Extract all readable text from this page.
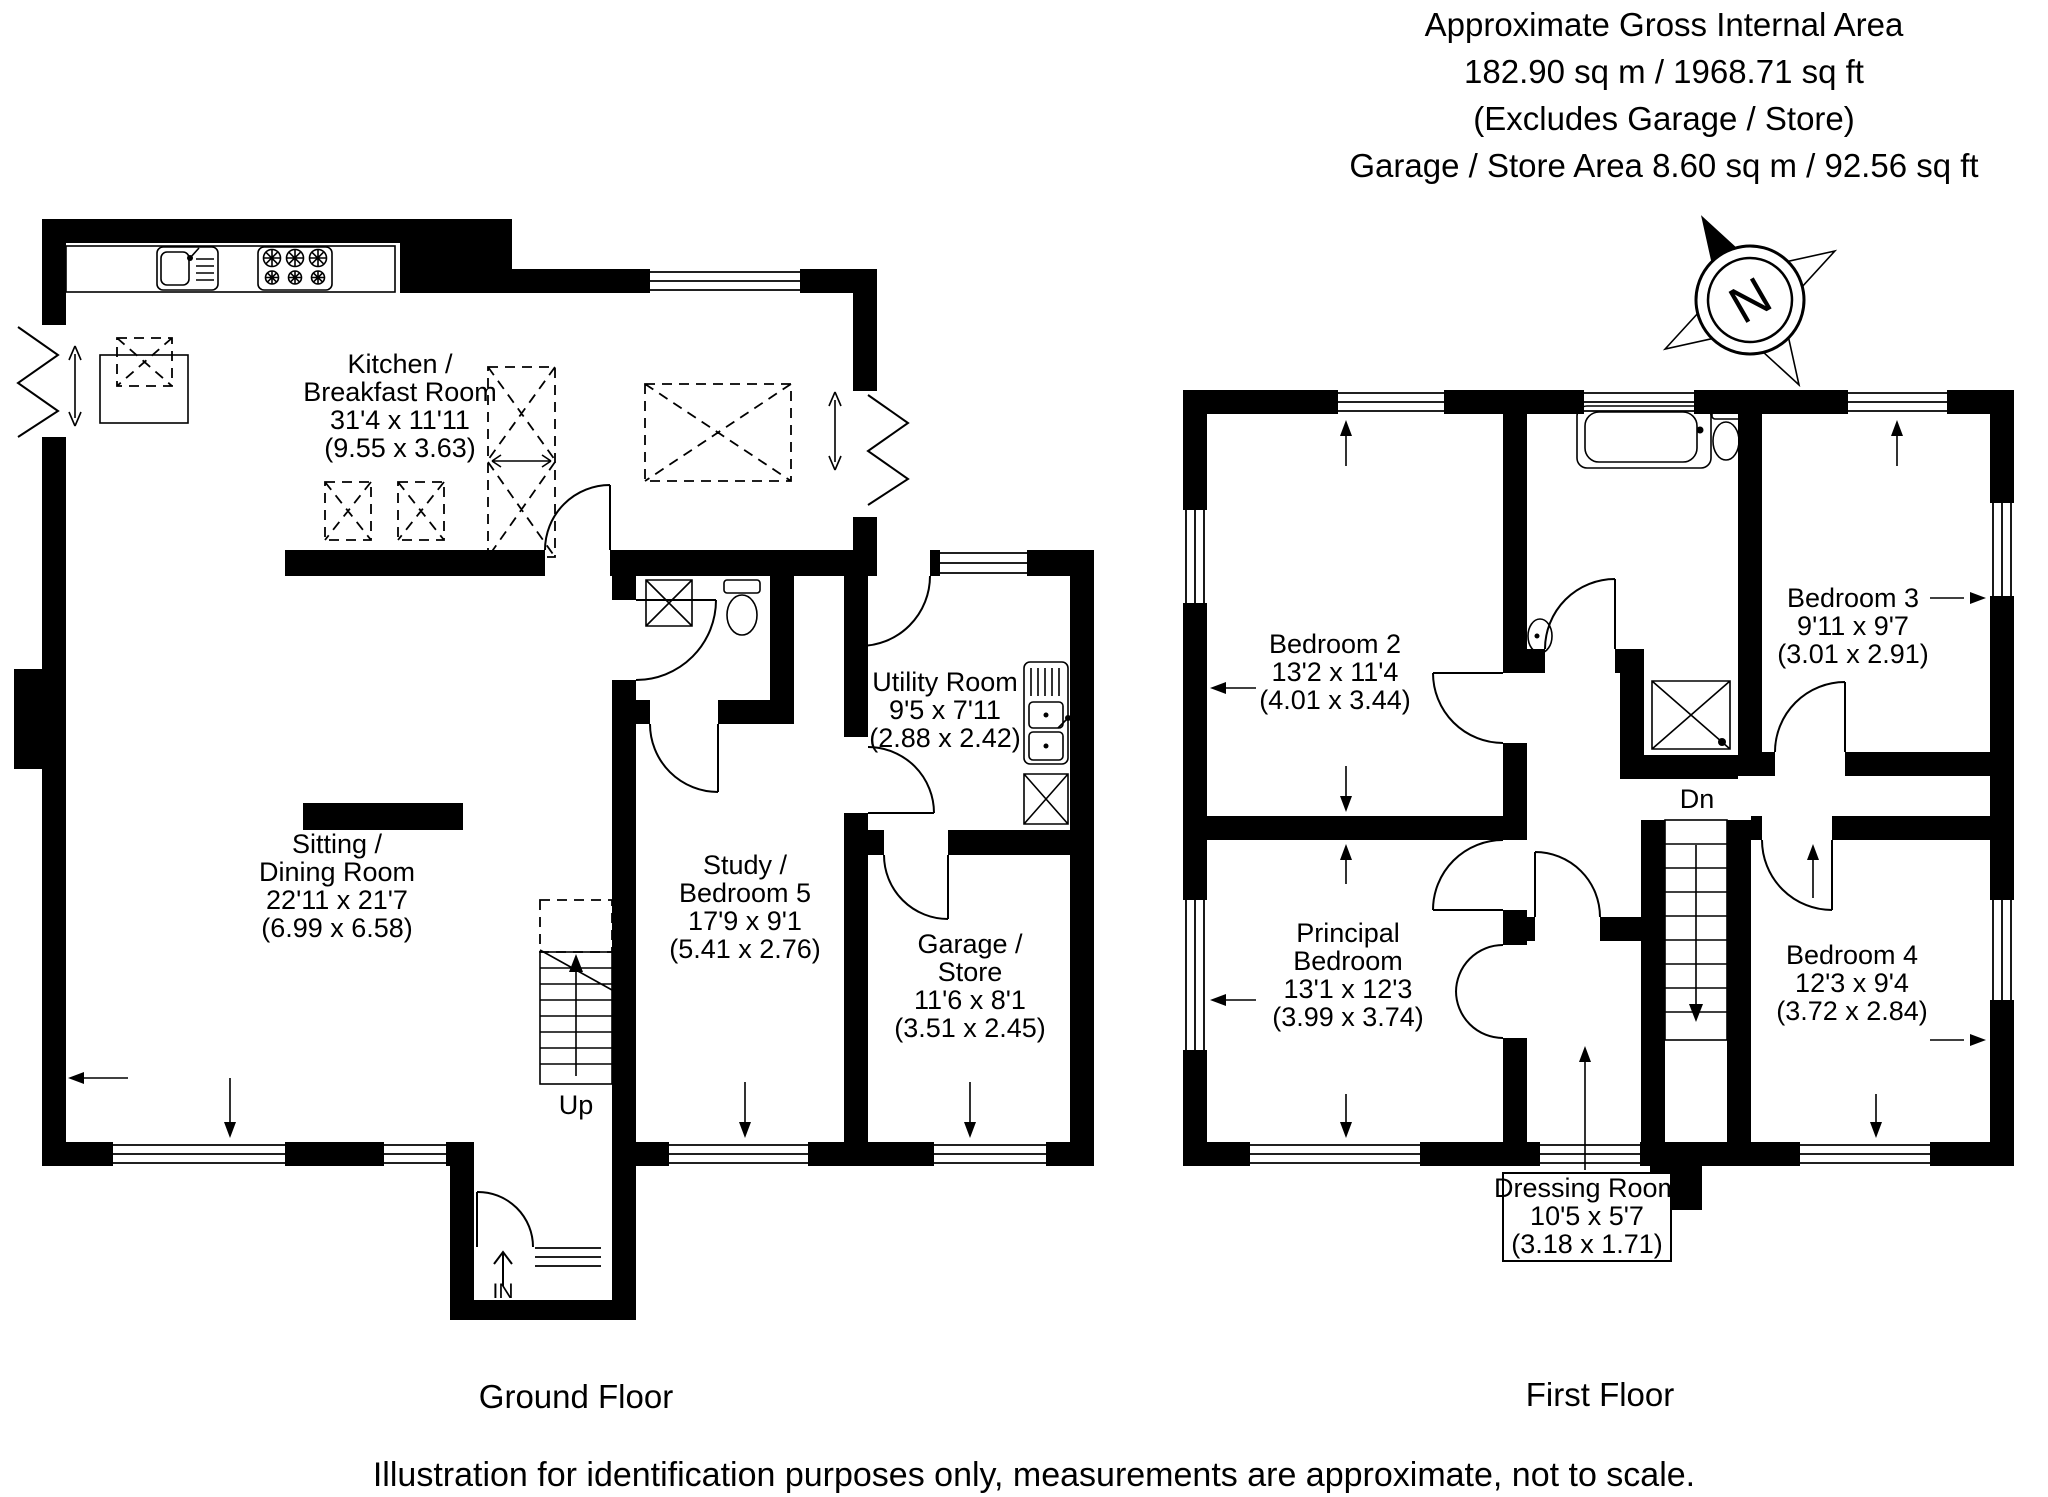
Approximate Gross Internal Area
182.90 sq m / 1968.71 sq ft
(Excludes Garage / Store)
Garage / Store Area 8.60 sq m / 92.56 sq ft
N
Kitchen /
Breakfast Room
31'4 x 11'11
(9.55 x 3.63)
Sitting /
Dining Room
22'11 x 21'7
(6.99 x 6.58)
Study /
Bedroom 5
17'9 x 9'1
(5.41 x 2.76)
Utility Room
9'5 x 7'11
(2.88 x 2.42)
Garage /
Store
11'6 x 8'1
(3.51 x 2.45)
Up
IN
Bedroom 2
13'2 x 11'4
(4.01 x 3.44)
Bedroom 3
9'11 x 9'7
(3.01 x 2.91)
Principal
Bedroom
13'1 x 12'3
(3.99 x 3.74)
Bedroom 4
12'3 x 9'4
(3.72 x 2.84)
Dressing Room
10'5 x 5'7
(3.18 x 1.71)
Dn
Ground Floor	First Floor
Illustration for identification purposes only, measurements are approximate, not to scale.
